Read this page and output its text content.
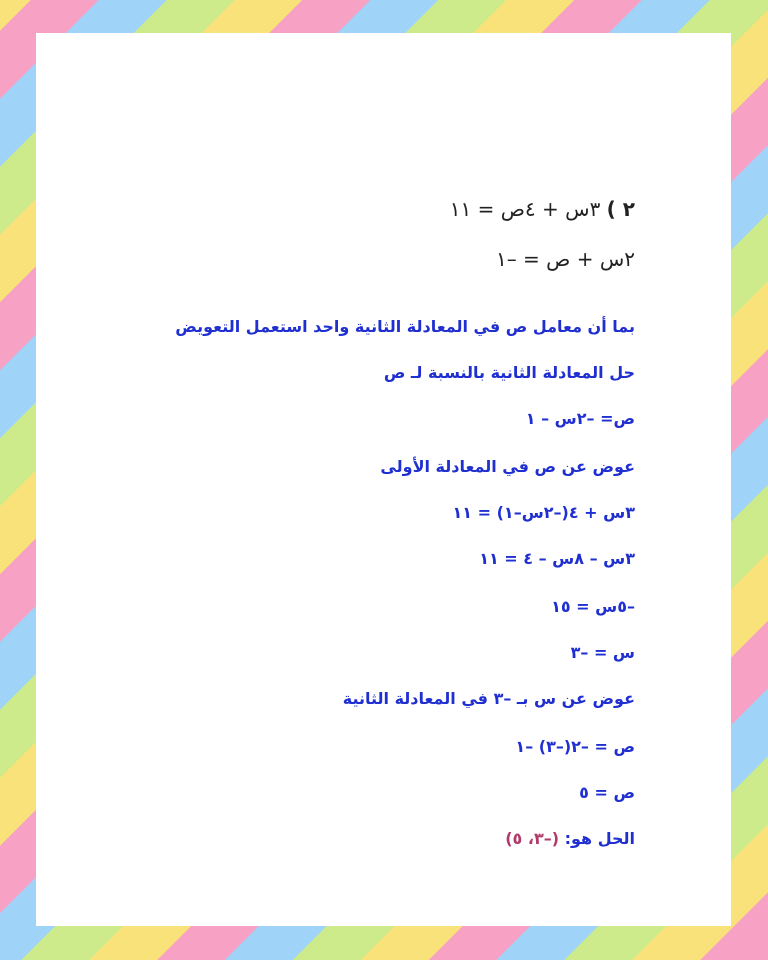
٢ ) ٣س + ٤ص = ١١
٢س + ص = –١
بما أن معامل ص في المعادلة الثانية واحد استعمل التعويض
حل المعادلة الثانية بالنسبة لـ ص
ص= –٢س – ١
عوض عن ص في المعادلة الأولى
٣س + ٤(–٢س–١) = ١١
٣س – ٨س – ٤ = ١١
–٥س = ١٥
س = –٣
عوض عن س بـ –٣ في المعادلة الثانية
ص = –٢(–٣) –١
ص = ٥
الحل هو: (–٣، ٥)
